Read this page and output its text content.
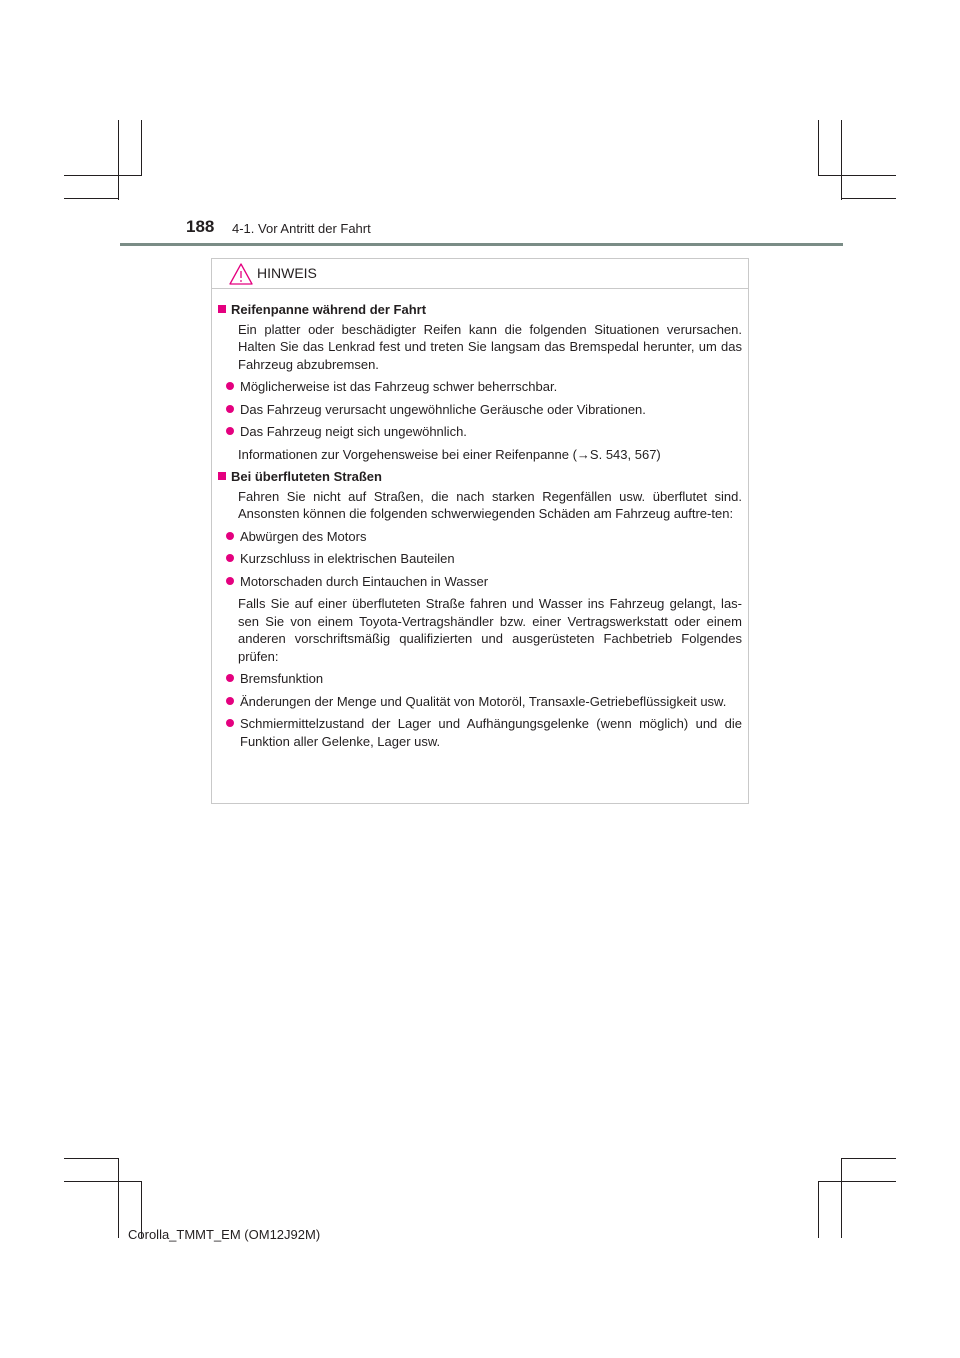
188 4-1. Vor Antritt der Fahrt
HINWEIS
Reifenpanne während der Fahrt
Ein platter oder beschädigter Reifen kann die folgenden Situationen verursachen. Halten Sie das Lenkrad fest und treten Sie langsam das Bremspedal herunter, um das Fahrzeug abzubremsen.
Möglicherweise ist das Fahrzeug schwer beherrschbar.
Das Fahrzeug verursacht ungewöhnliche Geräusche oder Vibrationen.
Das Fahrzeug neigt sich ungewöhnlich.
Informationen zur Vorgehensweise bei einer Reifenpanne (→S. 543, 567)
Bei überfluteten Straßen
Fahren Sie nicht auf Straßen, die nach starken Regenfällen usw. überflutet sind. Ansonsten können die folgenden schwerwiegenden Schäden am Fahrzeug auftre-ten:
Abwürgen des Motors
Kurzschluss in elektrischen Bauteilen
Motorschaden durch Eintauchen in Wasser
Falls Sie auf einer überfluteten Straße fahren und Wasser ins Fahrzeug gelangt, las-sen Sie von einem Toyota-Vertragshändler bzw. einer Vertragswerkstatt oder einem anderen vorschriftsmäßig qualifizierten und ausgerüsteten Fachbetrieb Folgendes prüfen:
Bremsfunktion
Änderungen der Menge und Qualität von Motoröl, Transaxle-Getriebeflüssigkeit usw.
Schmiermittelzustand der Lager und Aufhängungsgelenke (wenn möglich) und die Funktion aller Gelenke, Lager usw.
Corolla_TMMT_EM (OM12J92M)
